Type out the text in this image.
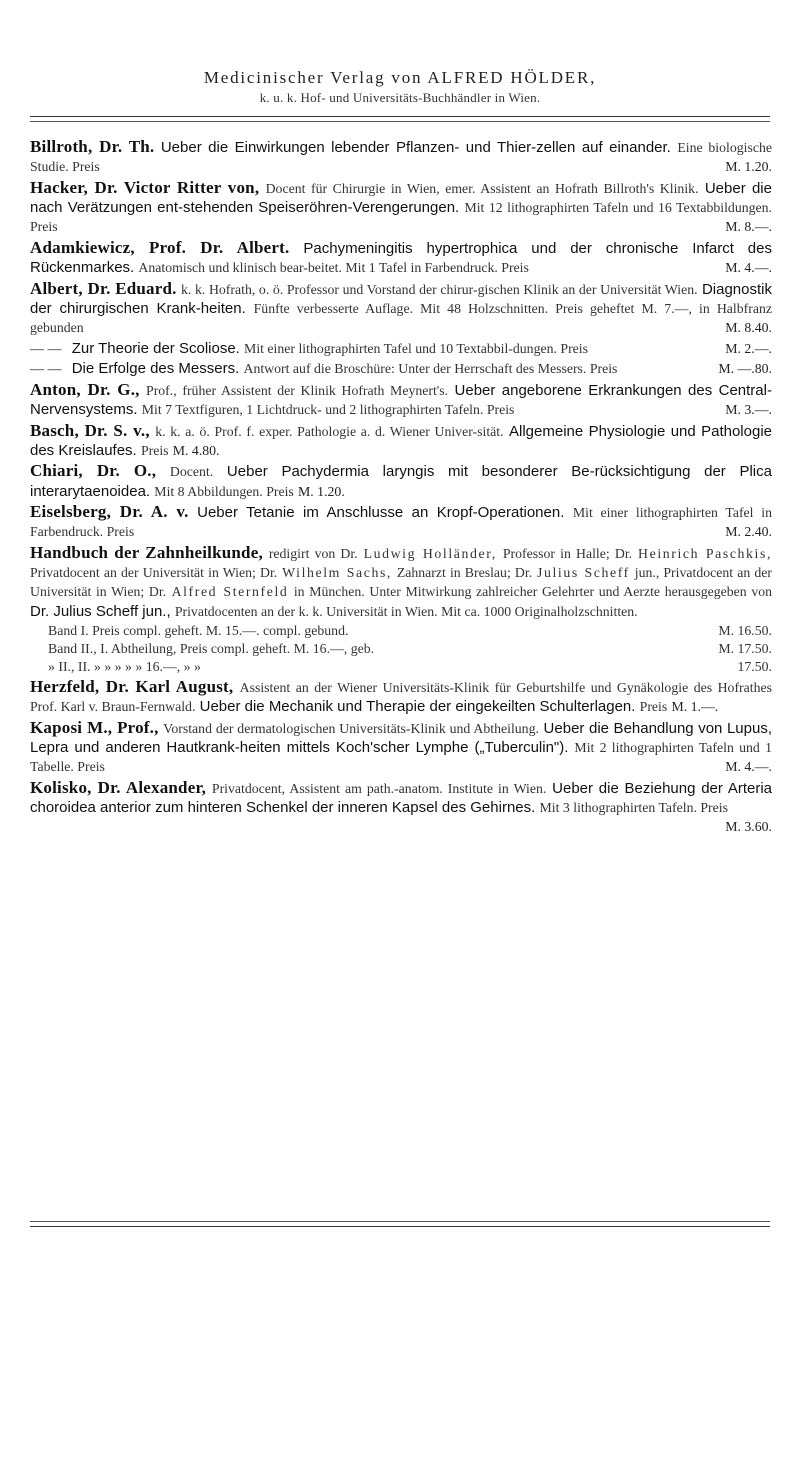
Medicinischer Verlag von ALFRED HÖLDER,
k. u. k. Hof- und Universitäts-Buchhändler in Wien.
Billroth, Dr. Th. Ueber die Einwirkungen lebender Pflanzen- und Thier-zellen auf einander. Eine biologische Studie. Preis	M. 1.20.
Hacker, Dr. Victor Ritter von, Docent für Chirurgie in Wien, emer. Assistent an Hofrath Billroth's Klinik. Ueber die nach Verätzungen ent-stehenden Speiseröhren-Verengerungen. Mit 12 lithographirten Tafeln und 16 Textabbildungen. Preis	M. 8.—.
Adamkiewicz, Prof. Dr. Albert. Pachymeningitis hypertrophica und der chronische Infarct des Rückenmarkes. Anatomisch und klinisch bear-beitet. Mit 1 Tafel in Farbendruck. Preis	M. 4.—.
Albert, Dr. Eduard. k. k. Hofrath, o. ö. Professor und Vorstand der chirur-gischen Klinik an der Universität Wien. Diagnostik der chirurgischen Krank-heiten. Fünfte verbesserte Auflage. Mit 48 Holzschnitten. Preis geheftet M. 7.—, in Halbfranz gebunden	M. 8.40.
— — Zur Theorie der Scoliose. Mit einer lithographirten Tafel und 10 Textabbil-dungen. Preis	M. 2.—.
— — Die Erfolge des Messers. Antwort auf die Broschüre: Unter der Herrschaft des Messers. Preis	M. —.80.
Anton, Dr. G., Prof., früher Assistent der Klinik Hofrath Meynert's. Ueber angeborene Erkrankungen des Central-Nervensystems. Mit 7 Textfiguren, 1 Lichtdruck- und 2 lithographirten Tafeln. Preis	M. 3.—.
Basch, Dr. S. v., k. k. a. ö. Prof. f. exper. Pathologie a. d. Wiener Univer-sität. Allgemeine Physiologie und Pathologie des Kreislaufes. Preis M. 4.80.
Chiari, Dr. O., Docent. Ueber Pachydermia laryngis mit besonderer Be-rücksichtigung der Plica interarytaenoidea. Mit 8 Abbildungen. Preis M. 1.20.
Eiselsberg, Dr. A. v. Ueber Tetanie im Anschlusse an Kropf-Operationen. Mit einer lithographirten Tafel in Farbendruck. Preis	M. 2.40.
Handbuch der Zahnheilkunde, redigirt von Dr. Ludwig Holländer, Professor in Halle; Dr. Heinrich Paschkis, Privatdocent an der Universität in Wien; Dr. Wilhelm Sachs, Zahnarzt in Breslau; Dr. Julius Scheff jun., Privatdocent an der Universität in Wien; Dr. Alfred Sternfeld in München. Unter Mitwirkung zahlreicher Gelehrter und Aerzte herausgegeben von Dr. Julius Scheff jun., Privatdocenten an der k. k. Universität in Wien. Mit ca. 1000 Originalholzschnitten.
Band I. Preis compl. geheft. M. 15.—. compl. gebund.	M. 16.50.
Band II., I. Abtheilung, Preis compl. geheft. M. 16.—, geb.	M. 17.50.
» II., II. » » » » » 16.—, » »	17.50.
Herzfeld, Dr. Karl August, Assistent an der Wiener Universitäts-Klinik für Geburtshilfe und Gynäkologie des Hofrathes Prof. Karl v. Braun-Fernwald. Ueber die Mechanik und Therapie der eingekeilten Schulterlagen. Preis M. 1.—.
Kaposi M., Prof., Vorstand der dermatologischen Universitäts-Klinik und Abtheilung. Ueber die Behandlung von Lupus, Lepra und anderen Hautkrank-heiten mittels Koch'scher Lymphe („Tuberculin"). Mit 2 lithographirten Tafeln und 1 Tabelle. Preis	M. 4.—.
Kolisko, Dr. Alexander, Privatdocent, Assistent am path.-anatom. Institute in Wien. Ueber die Beziehung der Arteria choroidea anterior zum hinteren Schenkel der inneren Kapsel des Gehirnes. Mit 3 lithographirten Tafeln. Preis
M. 3.60.
